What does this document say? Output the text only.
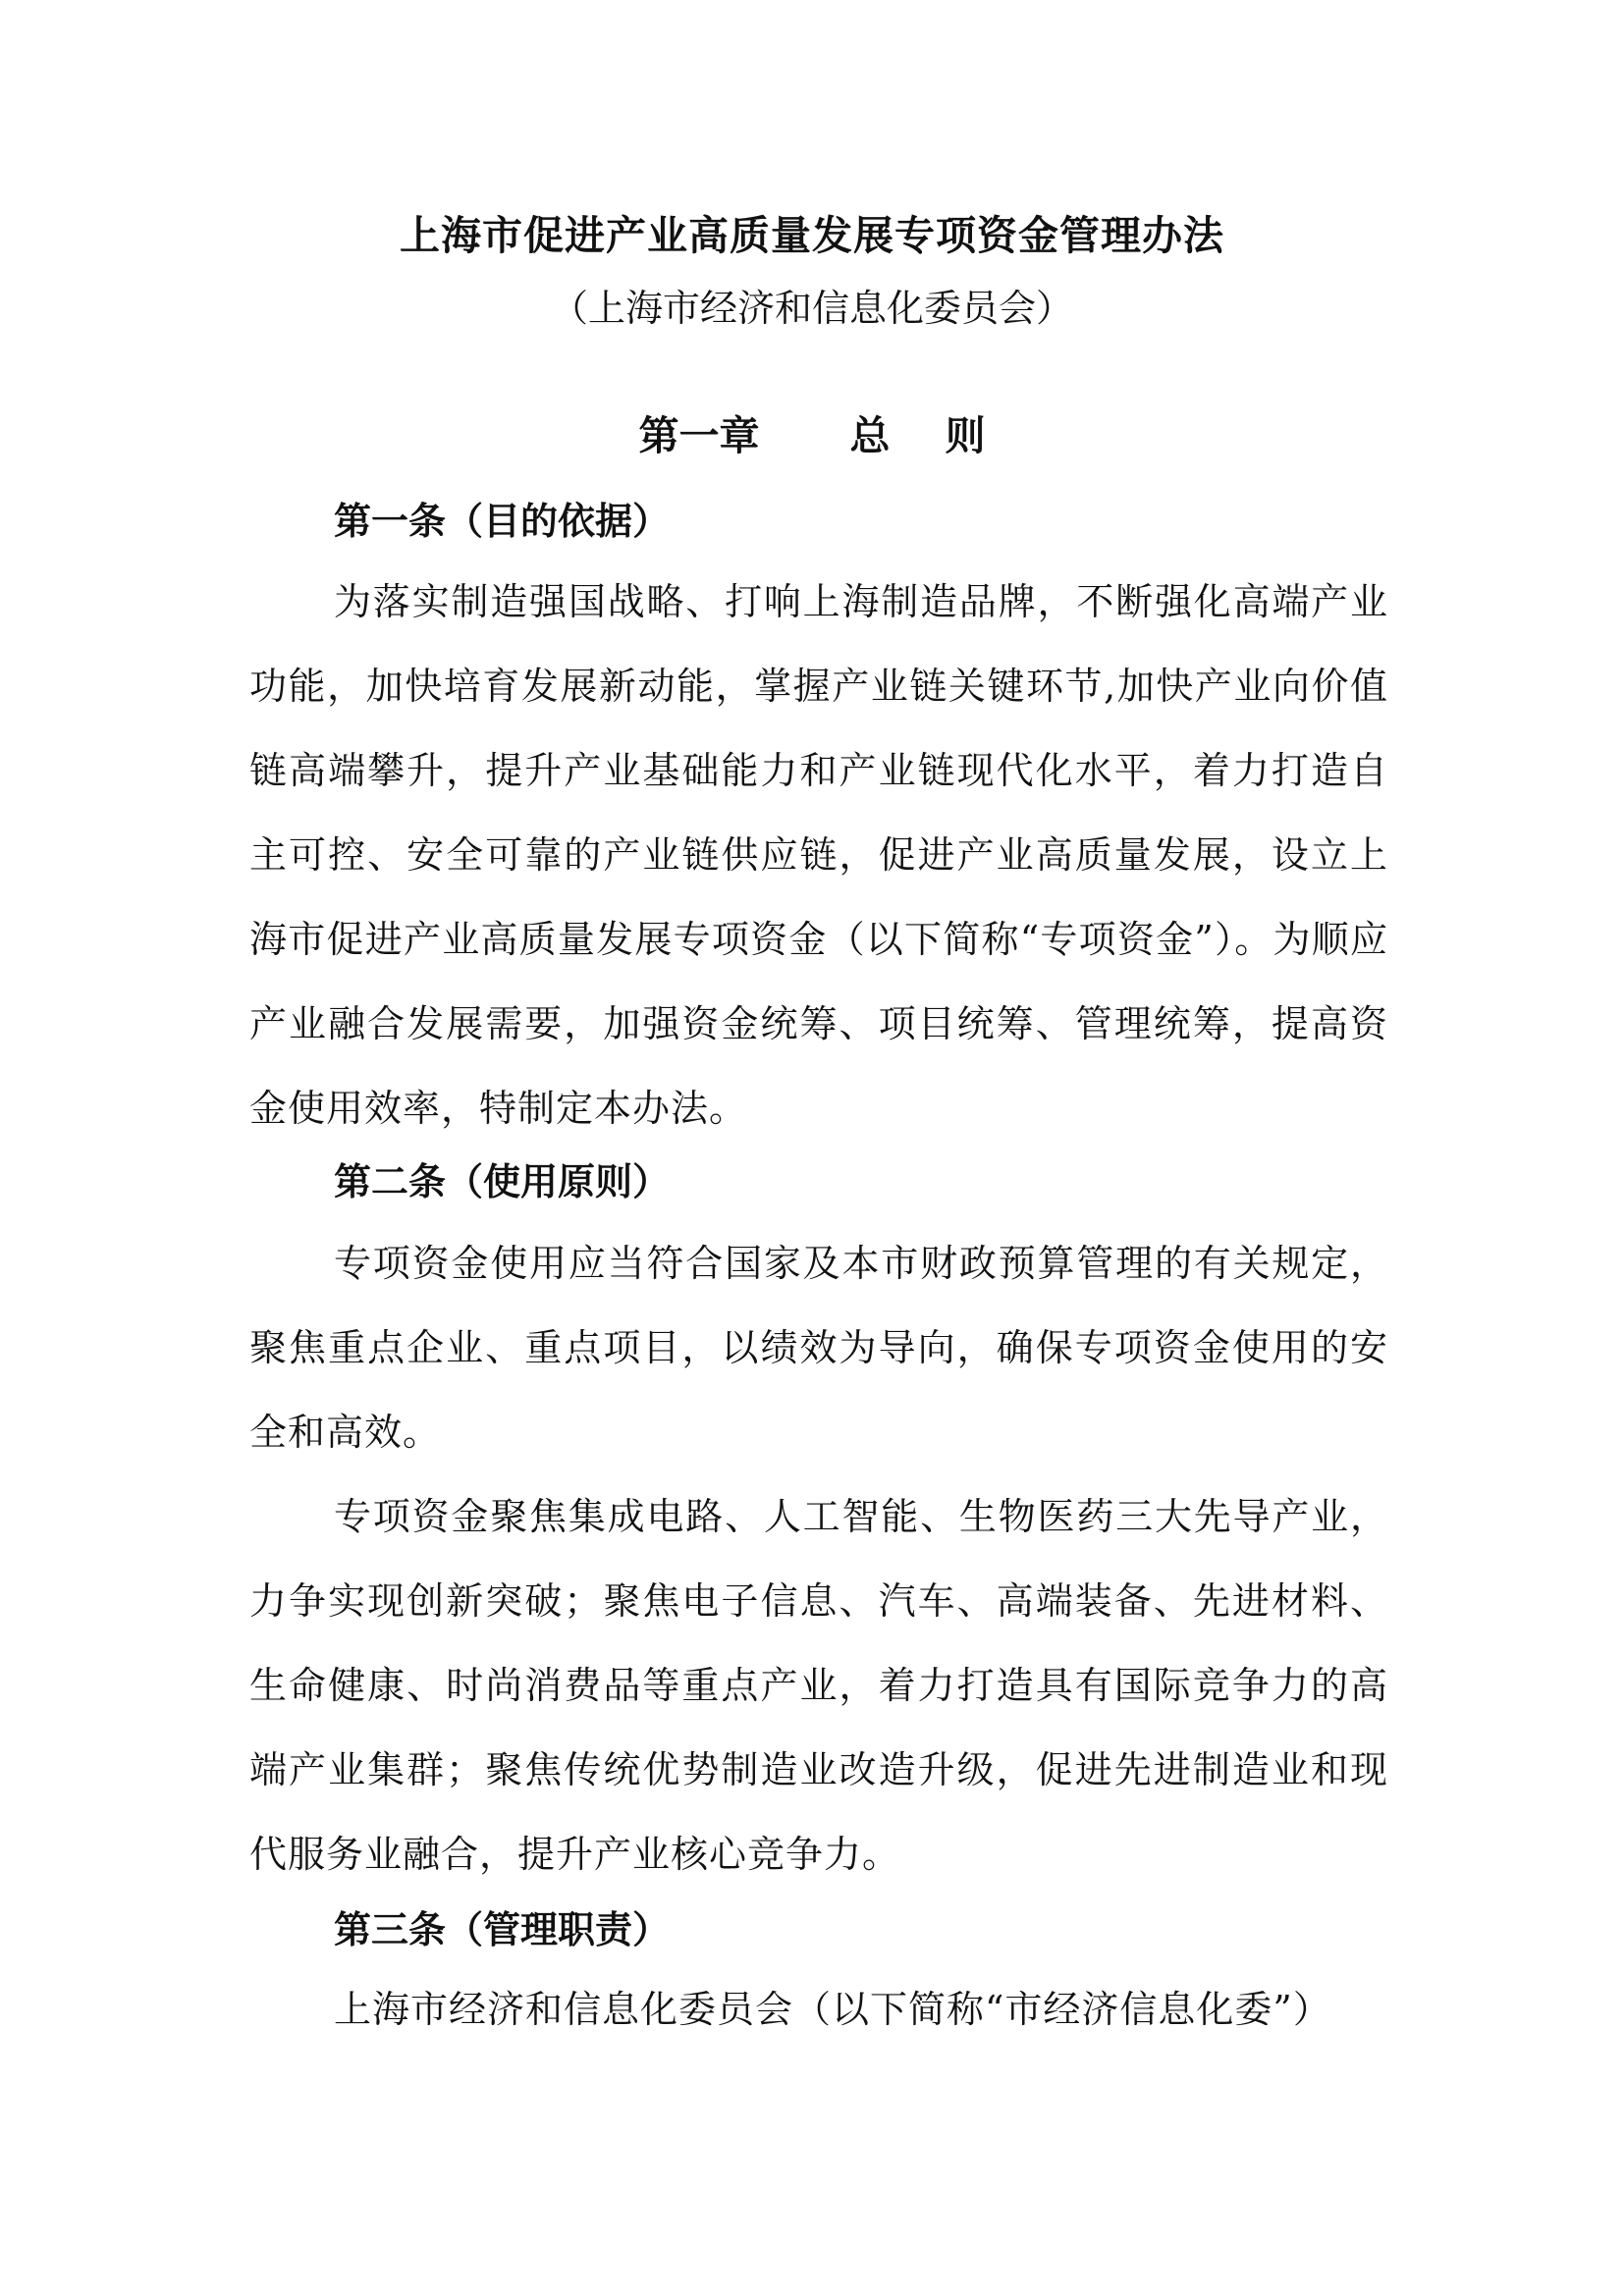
上海市促进产业高质量发展专项资金管理办法
（上海市经济和信息化委员会）
第一章 总 则
第一条（目的依据）
为落实制造强国战略、打响上海制造品牌，不断强化高端产业功能，加快培育发展新动能，掌握产业链关键环节,加快产业向价值链高端攀升，提升产业基础能力和产业链现代化水平，着力打造自主可控、安全可靠的产业链供应链，促进产业高质量发展，设立上海市促进产业高质量发展专项资金（以下简称“专项资金”）。为顺应产业融合发展需要，加强资金统筹、项目统筹、管理统筹，提高资金使用效率，特制定本办法。
第二条（使用原则）
专项资金使用应当符合国家及本市财政预算管理的有关规定，聚焦重点企业、重点项目，以绩效为导向，确保专项资金使用的安全和高效。
专项资金聚焦集成电路、人工智能、生物医药三大先导产业，力争实现创新突破；聚焦电子信息、汽车、高端装备、先进材料、生命健康、时尚消费品等重点产业，着力打造具有国际竞争力的高端产业集群；聚焦传统优势制造业改造升级，促进先进制造业和现代服务业融合，提升产业核心竞争力。
第三条（管理职责）
上海市经济和信息化委员会（以下简称“市经济信息化委”）
